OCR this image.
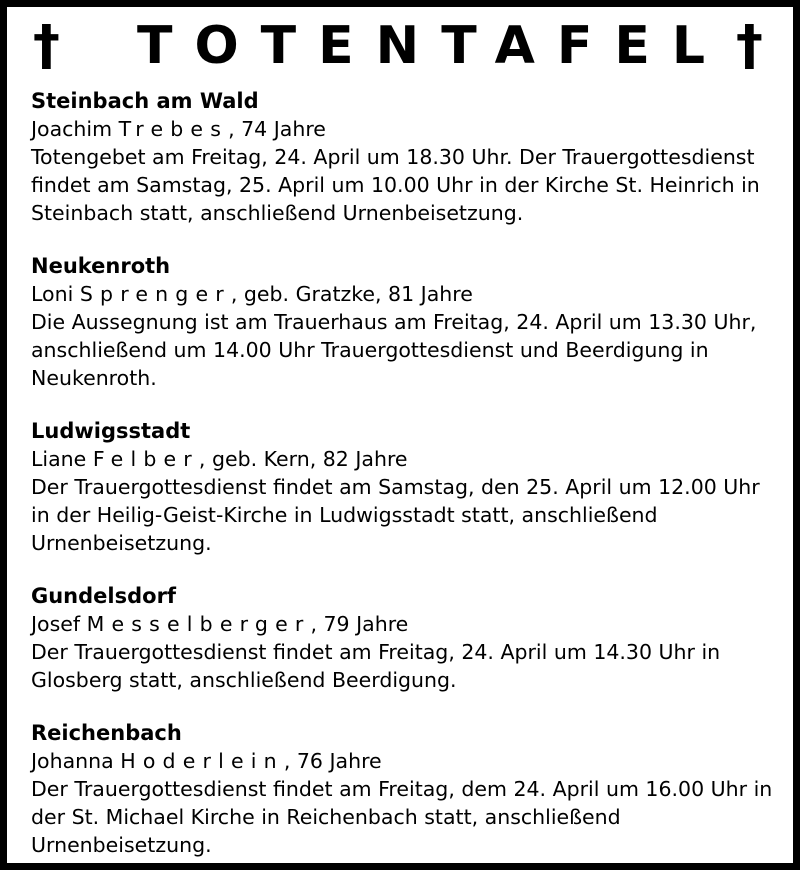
† TOTENTAFEL †
Steinbach am Wald
Joachim Trebes, 74 Jahre
Totengebet am Freitag, 24. April um 18.30 Uhr. Der Trauergottesdienst
findet am Samstag, 25. April um 10.00 Uhr in der Kirche St. Heinrich in
Steinbach statt, anschließend Urnenbeisetzung.
Neukenroth
Loni Sprenger, geb. Gratzke, 81 Jahre
Die Aussegnung ist am Trauerhaus am Freitag, 24. April um 13.30 Uhr,
anschließend um 14.00 Uhr Trauergottesdienst und Beerdigung in
Neukenroth.
Ludwigsstadt
Liane Felber, geb. Kern, 82 Jahre
Der Trauergottesdienst findet am Samstag, den 25. April um 12.00 Uhr
in der Heilig-Geist-Kirche in Ludwigsstadt statt, anschließend
Urnenbeisetzung.
Gundelsdorf
Josef Messelberger, 79 Jahre
Der Trauergottesdienst findet am Freitag, 24. April um 14.30 Uhr in
Glosberg statt, anschließend Beerdigung.
Reichenbach
Johanna Hoderlein, 76 Jahre
Der Trauergottesdienst findet am Freitag, dem 24. April um 16.00 Uhr in
der St. Michael Kirche in Reichenbach statt, anschließend
Urnenbeisetzung.
